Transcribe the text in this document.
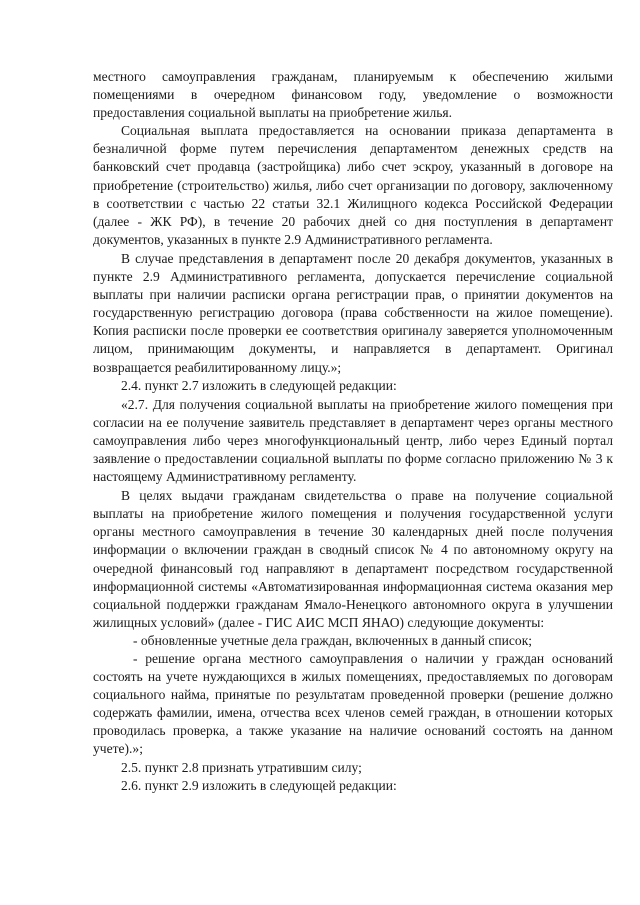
местного самоуправления гражданам, планируемым к обеспечению жилыми помещениями в очередном финансовом году, уведомление о возможности предоставления социальной выплаты на приобретение жилья.

Социальная выплата предоставляется на основании приказа департамента в безналичной форме путем перечисления департаментом денежных средств на банковский счет продавца (застройщика) либо счет эскроу, указанный в договоре на приобретение (строительство) жилья, либо счет организации по договору, заключенному в соответствии с частью 22 статьи 32.1 Жилищного кодекса Российской Федерации (далее - ЖК РФ), в течение 20 рабочих дней со дня поступления в департамент документов, указанных в пункте 2.9 Административного регламента.

В случае представления в департамент после 20 декабря документов, указанных в пункте 2.9 Административного регламента, допускается перечисление социальной выплаты при наличии расписки органа регистрации прав, о принятии документов на государственную регистрацию договора (права собственности на жилое помещение). Копия расписки после проверки ее соответствия оригиналу заверяется уполномоченным лицом, принимающим документы, и направляется в департамент. Оригинал возвращается реабилитированному лицу.»;

2.4. пункт 2.7 изложить в следующей редакции:

«2.7. Для получения социальной выплаты на приобретение жилого помещения при согласии на ее получение заявитель представляет в департамент через органы местного самоуправления либо через многофункциональный центр, либо через Единый портал заявление о предоставлении социальной выплаты по форме согласно приложению № 3 к настоящему Административному регламенту.

В целях выдачи гражданам свидетельства о праве на получение социальной выплаты на приобретение жилого помещения и получения государственной услуги органы местного самоуправления в течение 30 календарных дней после получения информации о включении граждан в сводный список № 4 по автономному округу на очередной финансовый год направляют в департамент посредством государственной информационной системы «Автоматизированная информационная система оказания мер социальной поддержки гражданам Ямало-Ненецкого автономного округа в улучшении жилищных условий» (далее - ГИС АИС МСП ЯНАО) следующие документы:

- обновленные учетные дела граждан, включенных в данный список;

- решение органа местного самоуправления о наличии у граждан оснований состоять на учете нуждающихся в жилых помещениях, предоставляемых по договорам социального найма, принятые по результатам проведенной проверки (решение должно содержать фамилии, имена, отчества всех членов семей граждан, в отношении которых проводилась проверка, а также указание на наличие оснований состоять на данном учете).»;

2.5. пункт 2.8 признать утратившим силу;

2.6. пункт 2.9 изложить в следующей редакции:
